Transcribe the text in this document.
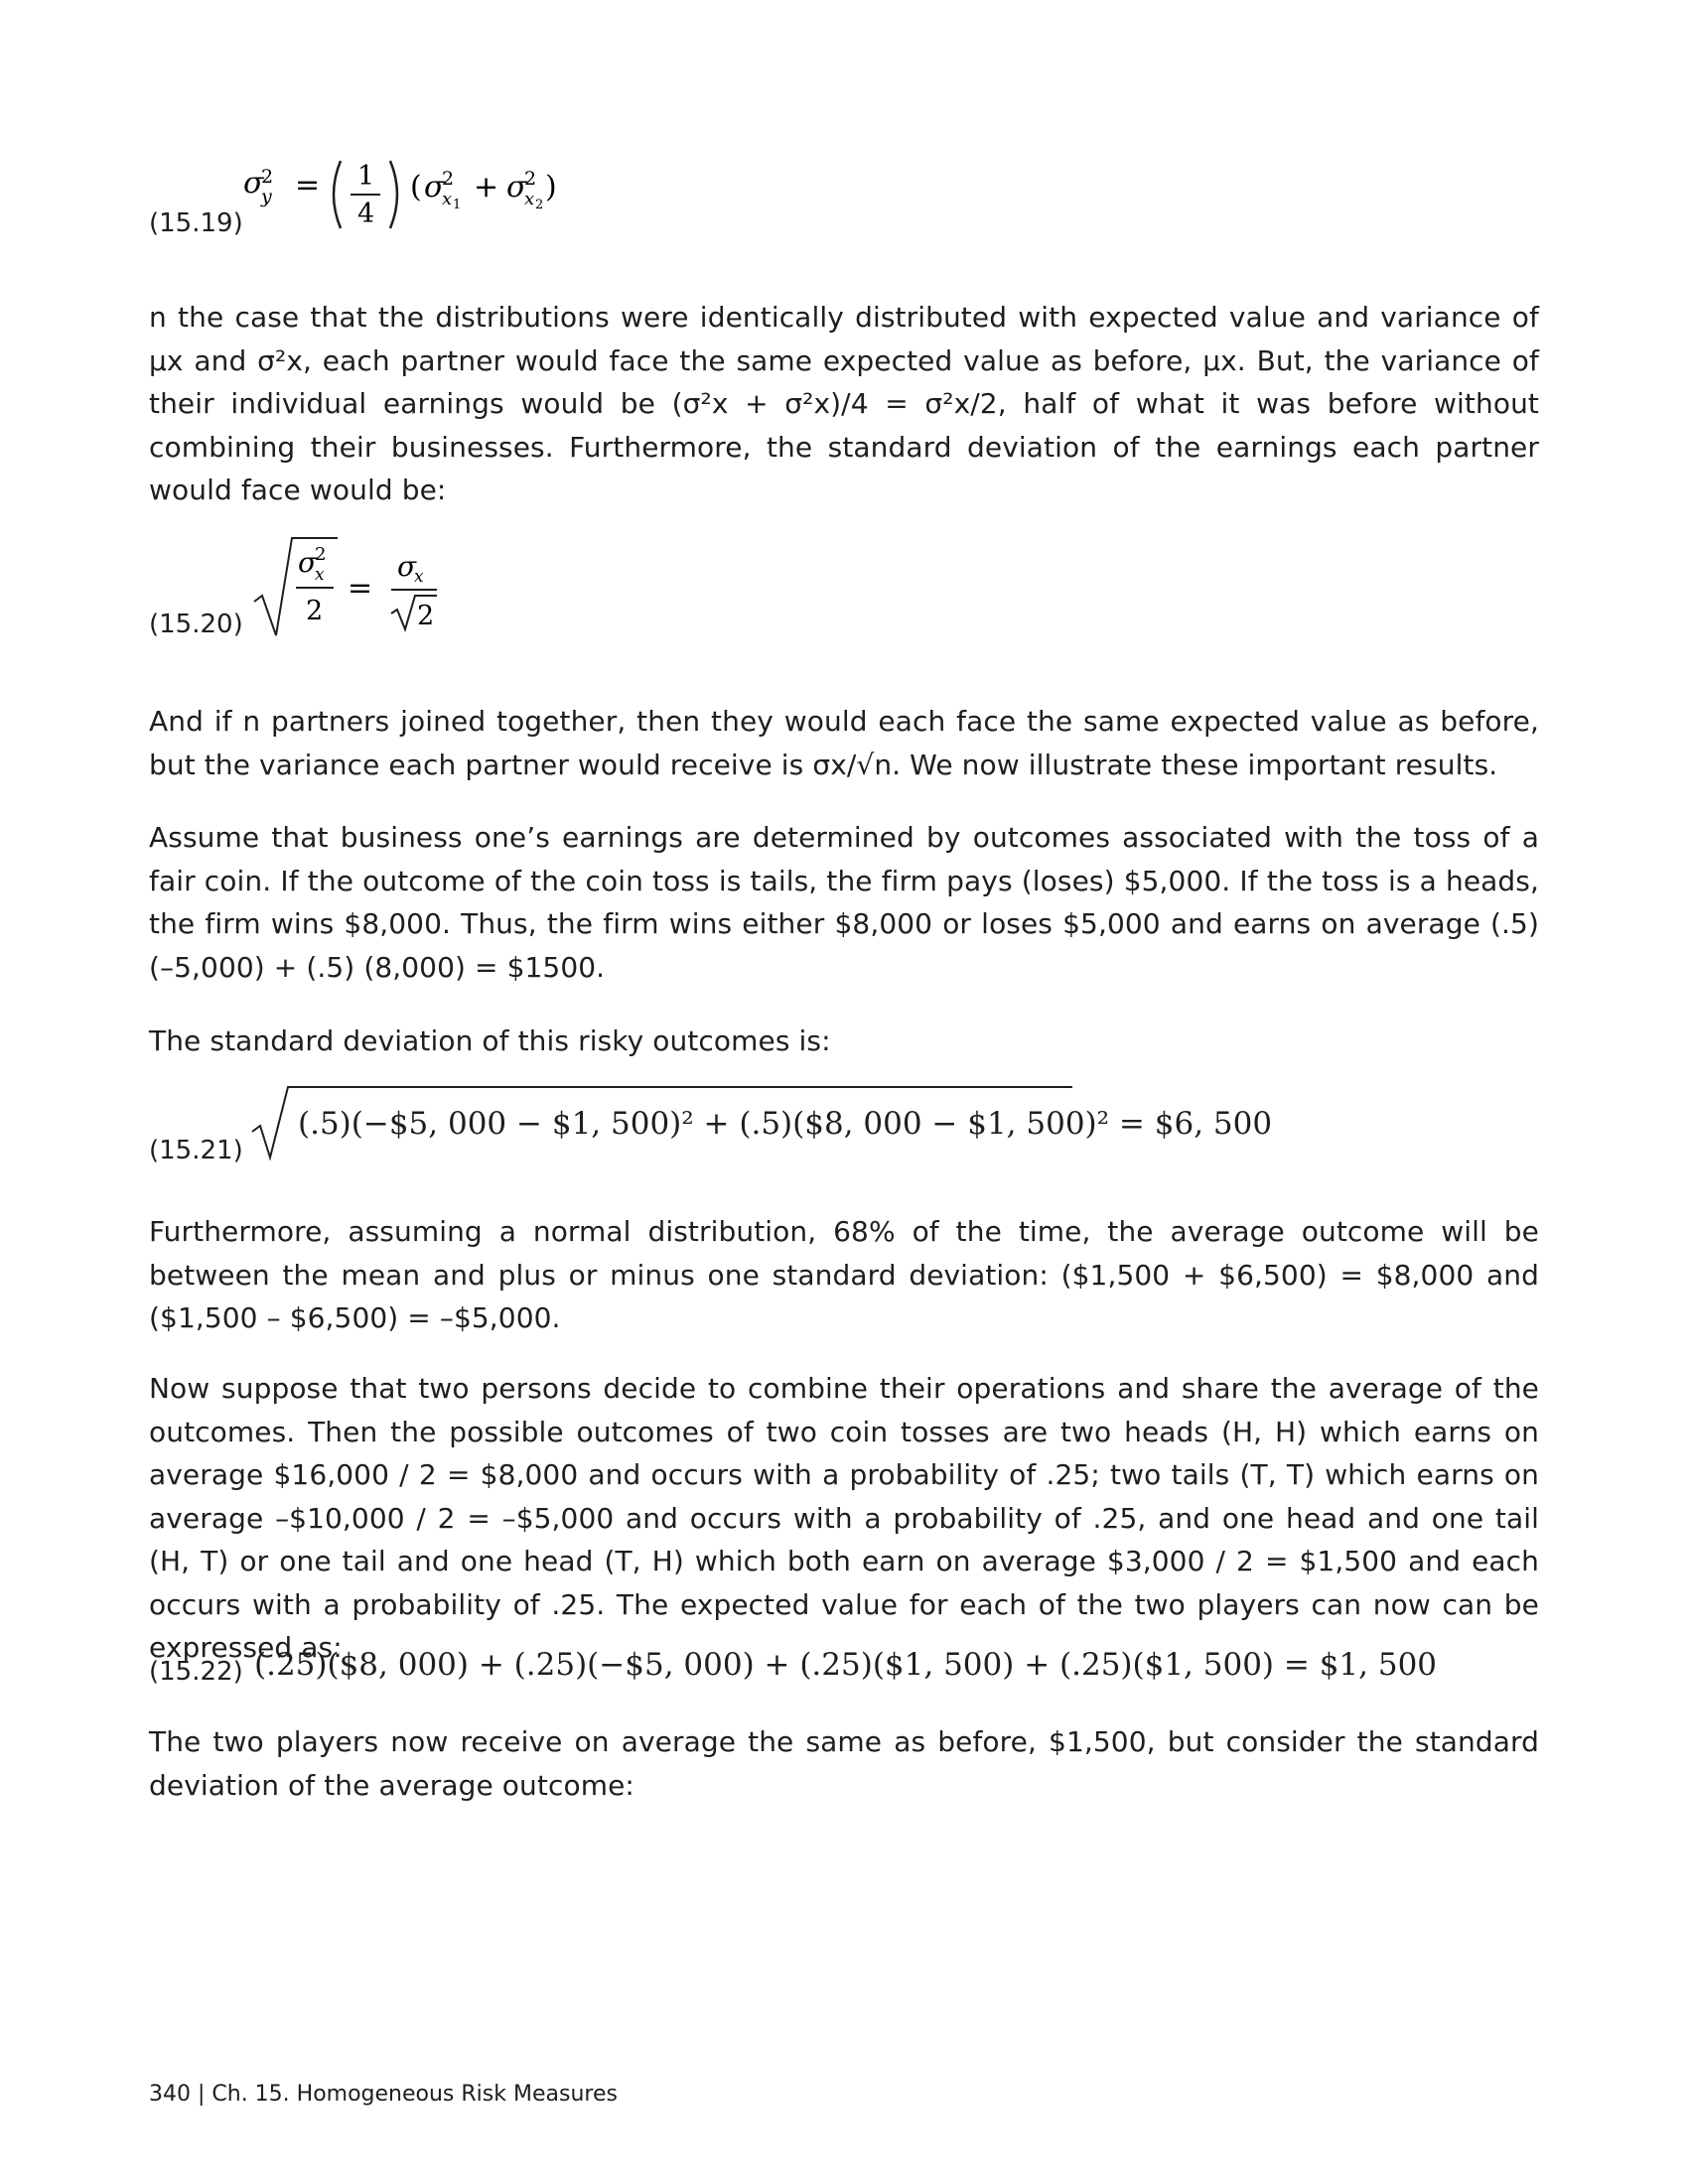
(15.19)
σ
2
y = 1
4
( σ
2
x 1
+ σ
2
x 2
)

n the case that the distributions were identically distributed with expected value and variance of μx and σ²x, each partner would face the same expected value as before, μx. But, the variance of their individual earnings would be (σ²x + σ²x)/4 = σ²x/2, half of what it was before without combining their businesses. Furthermore, the standard deviation of the earnings each partner would face would be:

(15.20)
σ
2
x
2
=
σ
x
2

And if n partners joined together, then they would each face the same expected value as before, but the variance each partner would receive is σx/√n. We now illustrate these important results.

Assume that business one’s earnings are determined by outcomes associated with the toss of a fair coin. If the outcome of the coin toss is tails, the firm pays (loses) $5,000. If the toss is a heads, the firm wins $8,000. Thus, the firm wins either $8,000 or loses $5,000 and earns on average (.5) (–5,000) + (.5) (8,000) = $1500.

The standard deviation of this risky outcomes is:

(15.21)
(.5)(−$5, 000 − $1, 500)² + (.5)($8, 000 − $1, 500)² = $6, 500

Furthermore, assuming a normal distribution, 68% of the time, the average outcome will be between the mean and plus or minus one standard deviation: ($1,500 + $6,500) = $8,000 and ($1,500 – $6,500) = –$5,000.

Now suppose that two persons decide to combine their operations and share the average of the outcomes. Then the possible outcomes of two coin tosses are two heads (H, H) which earns on average $16,000 / 2 = $8,000 and occurs with a probability of .25; two tails (T, T) which earns on average –$10,000 / 2 = –$5,000 and occurs with a probability of .25, and one head and one tail (H, T) or one tail and one head (T, H) which both earn on average $3,000 / 2 = $1,500 and each occurs with a probability of .25. The expected value for each of the two players can now can be expressed as:

(15.22) (.25)($8, 000) + (.25)(−$5, 000) + (.25)($1, 500) + (.25)($1, 500) = $1, 500

The two players now receive on average the same as before, $1,500, but consider the standard deviation of the average outcome:

340 | Ch. 15. Homogeneous Risk Measures
